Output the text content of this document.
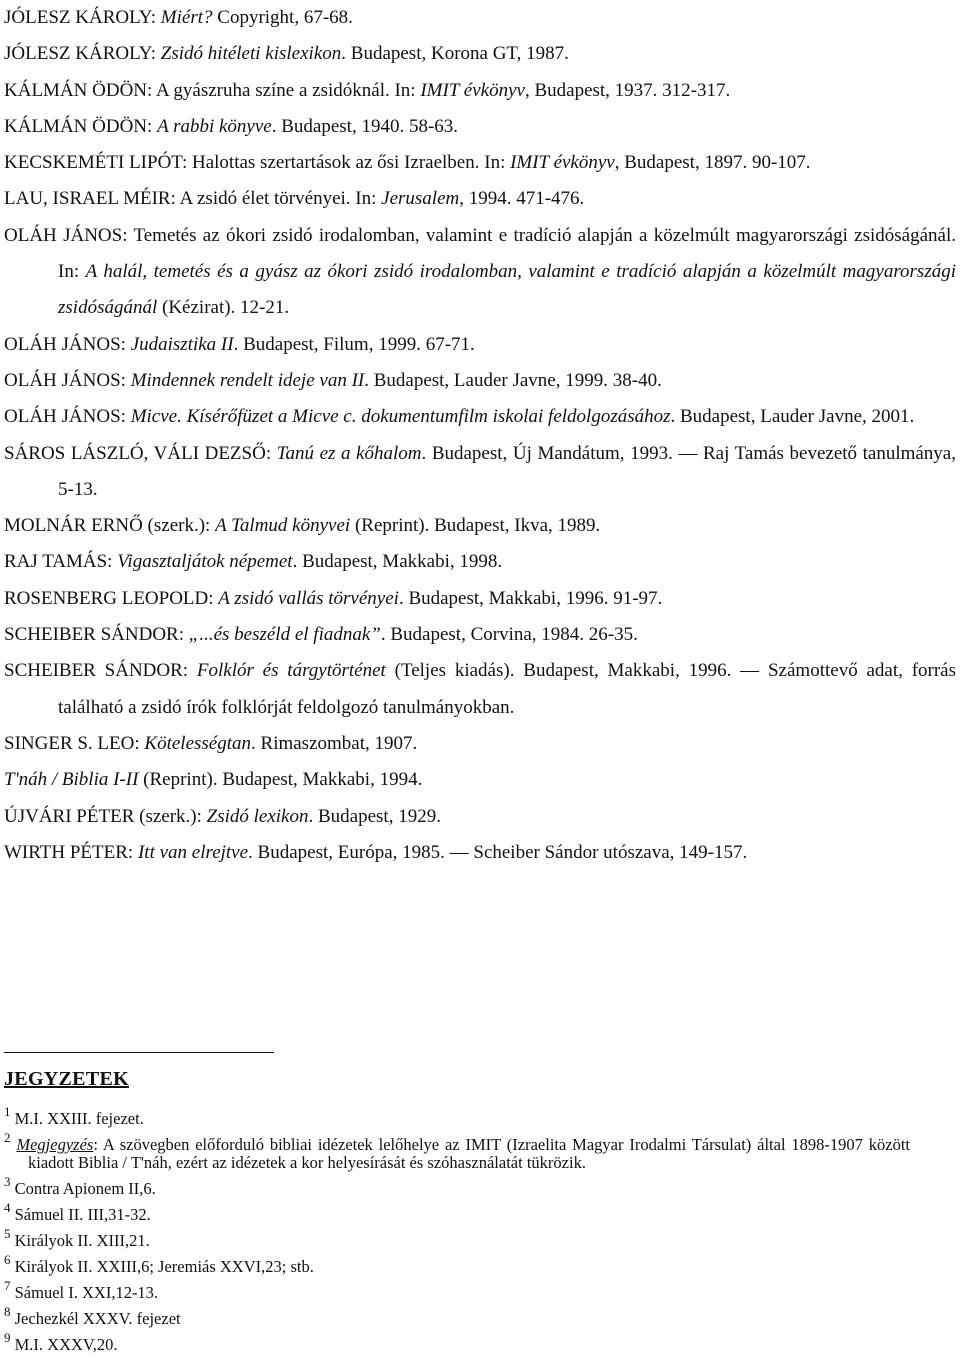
JÓLESZ KÁROLY: Miért? Copyright, 67-68.

JÓLESZ KÁROLY: Zsidó hitéleti kislexikon. Budapest, Korona GT, 1987.

KÁLMÁN ÖDÖN: A gyászruha színe a zsidóknál. In: IMIT évkönyv, Budapest, 1937. 312-317.

KÁLMÁN ÖDÖN: A rabbi könyve. Budapest, 1940. 58-63.

KECSKEMÉTI LIPÓT: Halottas szertartások az ősi Izraelben. In: IMIT évkönyv, Budapest, 1897. 90-107.

LAU, ISRAEL MÉIR: A zsidó élet törvényei. In: Jerusalem, 1994. 471-476.

OLÁH JÁNOS: Temetés az ókori zsidó irodalomban, valamint e tradíció alapján a közelmúlt magyarországi zsidóságánál. In: A halál, temetés és a gyász az ókori zsidó irodalomban, valamint e tradíció alapján a közelmúlt magyarországi zsidóságánál (Kézirat). 12-21.

OLÁH JÁNOS: Judaisztika II. Budapest, Filum, 1999. 67-71.

OLÁH JÁNOS: Mindennek rendelt ideje van II. Budapest, Lauder Javne, 1999. 38-40.

OLÁH JÁNOS: Micve. Kísérőfüzet a Micve c. dokumentumfilm iskolai feldolgozásához. Budapest, Lauder Javne, 2001.

SÁROS LÁSZLÓ, VÁLI DEZSŐ: Tanú ez a kőhalom. Budapest, Új Mandátum, 1993. — Raj Tamás bevezető tanulmánya, 5-13.

MOLNÁR ERNŐ (szerk.): A Talmud könyvei (Reprint). Budapest, Ikva, 1989.

RAJ TAMÁS: Vigasztaljátok népemet. Budapest, Makkabi, 1998.

ROSENBERG LEOPOLD: A zsidó vallás törvényei. Budapest, Makkabi, 1996. 91-97.

SCHEIBER SÁNDOR: „...és beszéld el fiadnak”. Budapest, Corvina, 1984. 26-35.

SCHEIBER SÁNDOR: Folklór és tárgytörténet (Teljes kiadás). Budapest, Makkabi, 1996. — Számottevő adat, forrás található a zsidó írók folklórját feldolgozó tanulmányokban.

SINGER S. LEO: Kötelességtan. Rimaszombat, 1907.

T'náh / Biblia I-II (Reprint). Budapest, Makkabi, 1994.

ÚJVÁRI PÉTER (szerk.): Zsidó lexikon. Budapest, 1929.

WIRTH PÉTER: Itt van elrejtve. Budapest, Európa, 1985. — Scheiber Sándor utószava, 149-157.

JEGYZETEK

$^1$ M.I. XXIII. fejezet.

$^2$ Megjegyzés: A szövegben előforduló bibliai idézetek lelőhelye az IMIT (Izraelita Magyar Irodalmi Társulat) által 1898-1907 között kiadott Biblia / T'náh, ezért az idézetek a kor helyesírását és szóhasználatát tükrözik.

$^3$ Contra Apionem II,6.

$^4$ Sámuel II. III,31-32.

$^5$ Királyok II. XIII,21.

$^6$ Királyok II. XXIII,6; Jeremiás XXVI,23; stb.

$^7$ Sámuel I. XXI,12-13.

$^8$ Jechezkél XXXV. fejezet

$^9$ M.I. XXXV,20.
